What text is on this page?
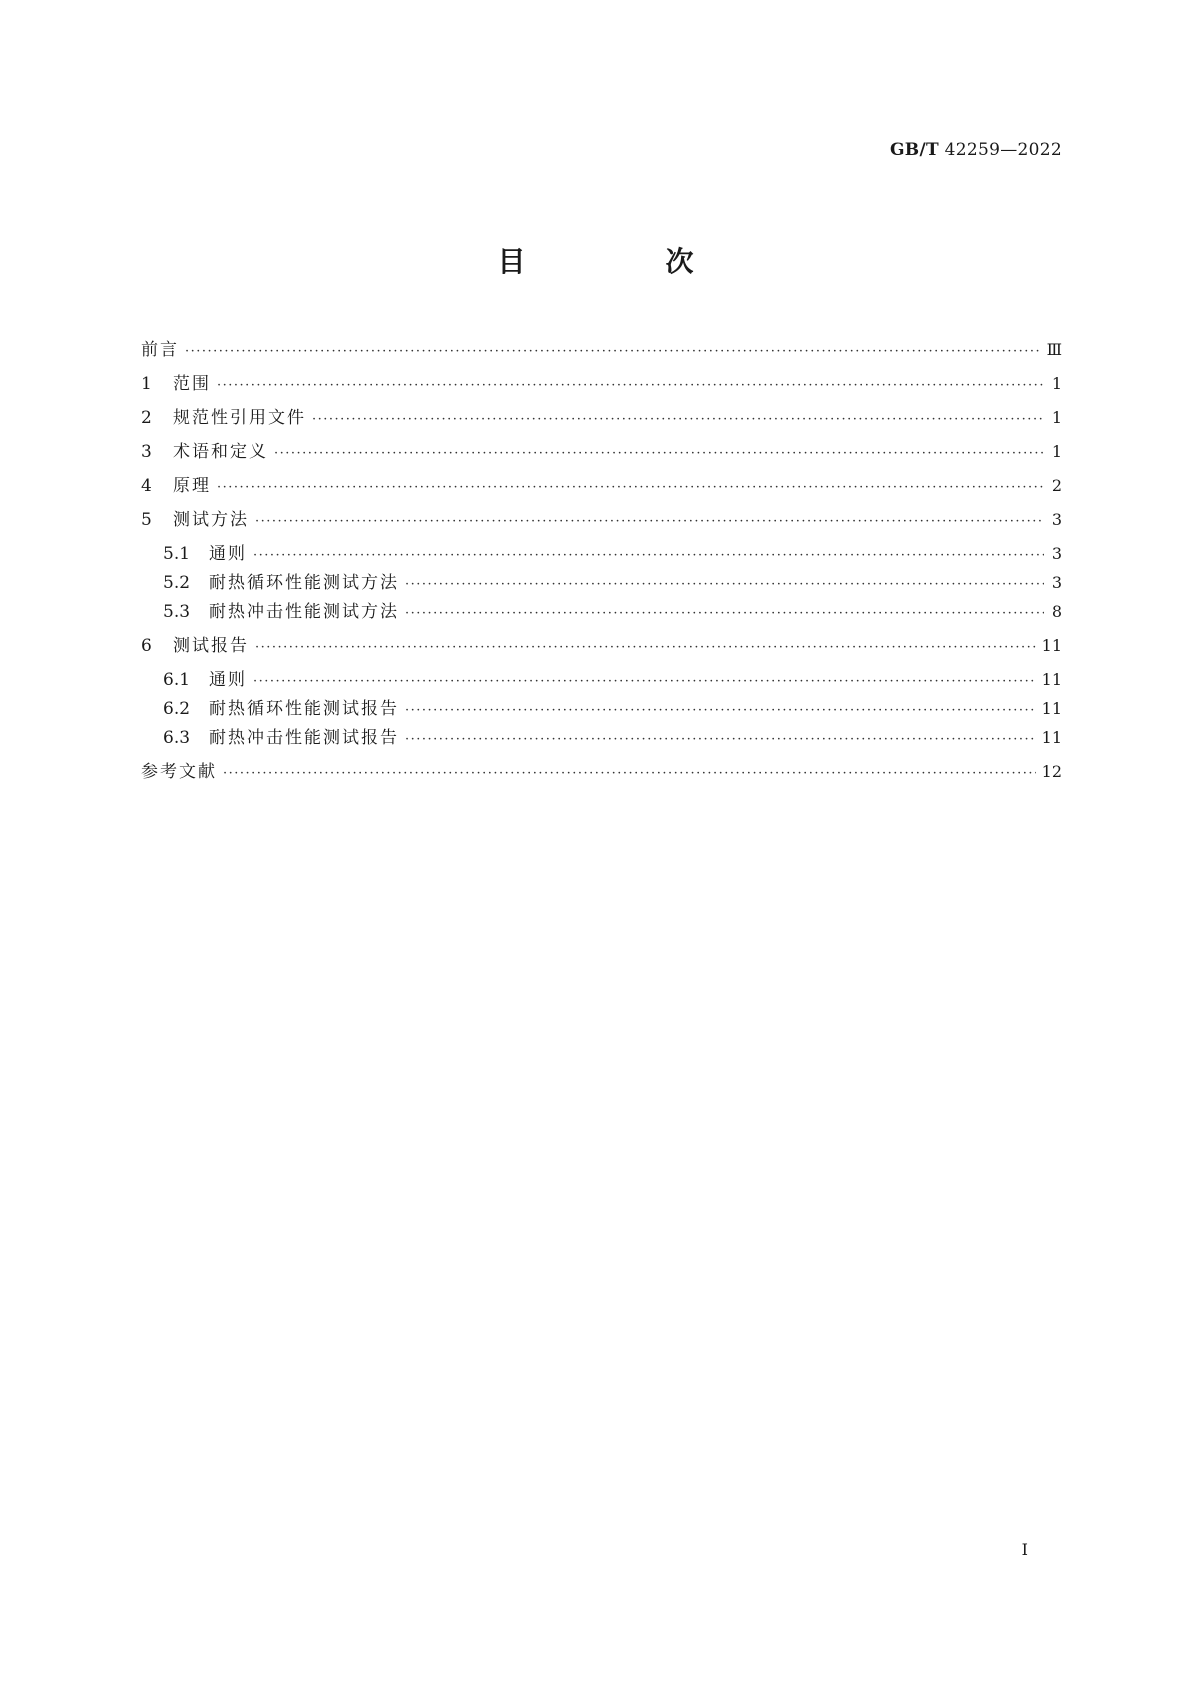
GB/T 42259—2022
目　次
前言 ·····	Ⅲ
1	范围 ·····	1
2	规范性引用文件 ·····	1
3	术语和定义 ·····	1
4	原理 ·····	2
5	测试方法 ·····	3
5.1	通则 ·····	3
5.2	耐热循环性能测试方法 ·····	3
5.3	耐热冲击性能测试方法 ·····	8
6	测试报告 ·····	11
6.1	通则 ·····	11
6.2	耐热循环性能测试报告 ·····	11
6.3	耐热冲击性能测试报告 ·····	11
参考文献 ·····	12
Ⅰ
